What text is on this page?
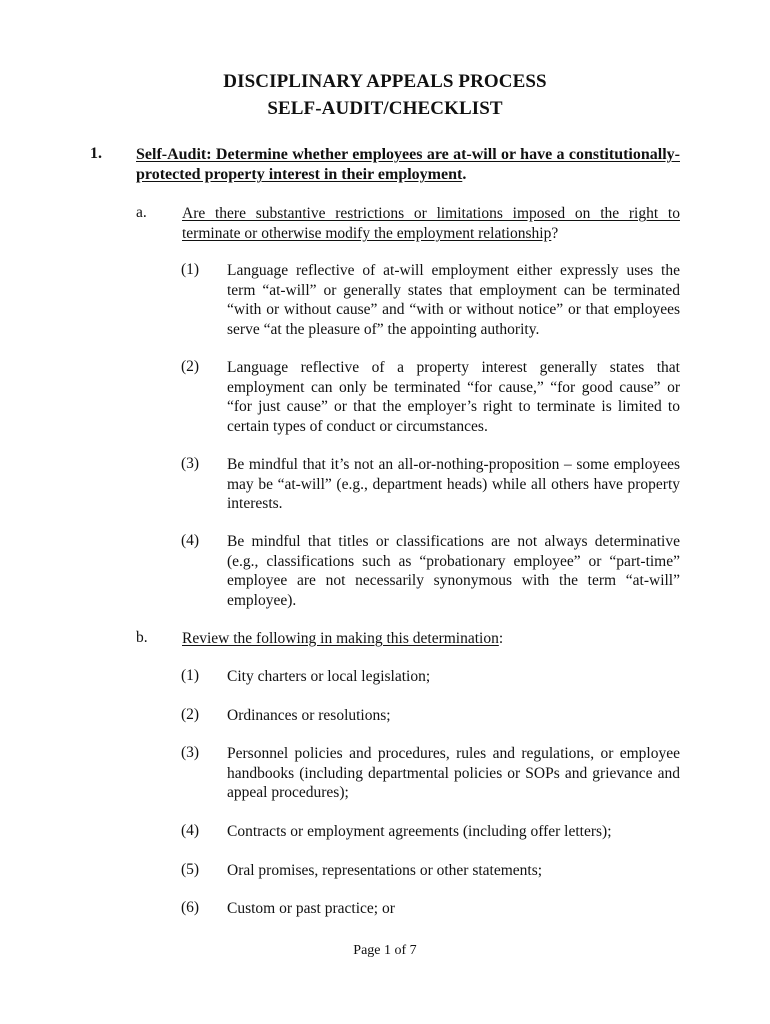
DISCIPLINARY APPEALS PROCESS
SELF-AUDIT/CHECKLIST
1. Self-Audit: Determine whether employees are at-will or have a constitutionally-protected property interest in their employment.
a. Are there substantive restrictions or limitations imposed on the right to terminate or otherwise modify the employment relationship?
(1) Language reflective of at-will employment either expressly uses the term “at-will” or generally states that employment can be terminated “with or without cause” and “with or without notice” or that employees serve “at the pleasure of” the appointing authority.
(2) Language reflective of a property interest generally states that employment can only be terminated “for cause,” “for good cause” or “for just cause” or that the employer’s right to terminate is limited to certain types of conduct or circumstances.
(3) Be mindful that it’s not an all-or-nothing-proposition – some employees may be “at-will” (e.g., department heads) while all others have property interests.
(4) Be mindful that titles or classifications are not always determinative (e.g., classifications such as “probationary employee” or “part-time” employee are not necessarily synonymous with the term “at-will” employee).
b. Review the following in making this determination:
(1) City charters or local legislation;
(2) Ordinances or resolutions;
(3) Personnel policies and procedures, rules and regulations, or employee handbooks (including departmental policies or SOPs and grievance and appeal procedures);
(4) Contracts or employment agreements (including offer letters);
(5) Oral promises, representations or other statements;
(6) Custom or past practice; or
Page 1 of 7
